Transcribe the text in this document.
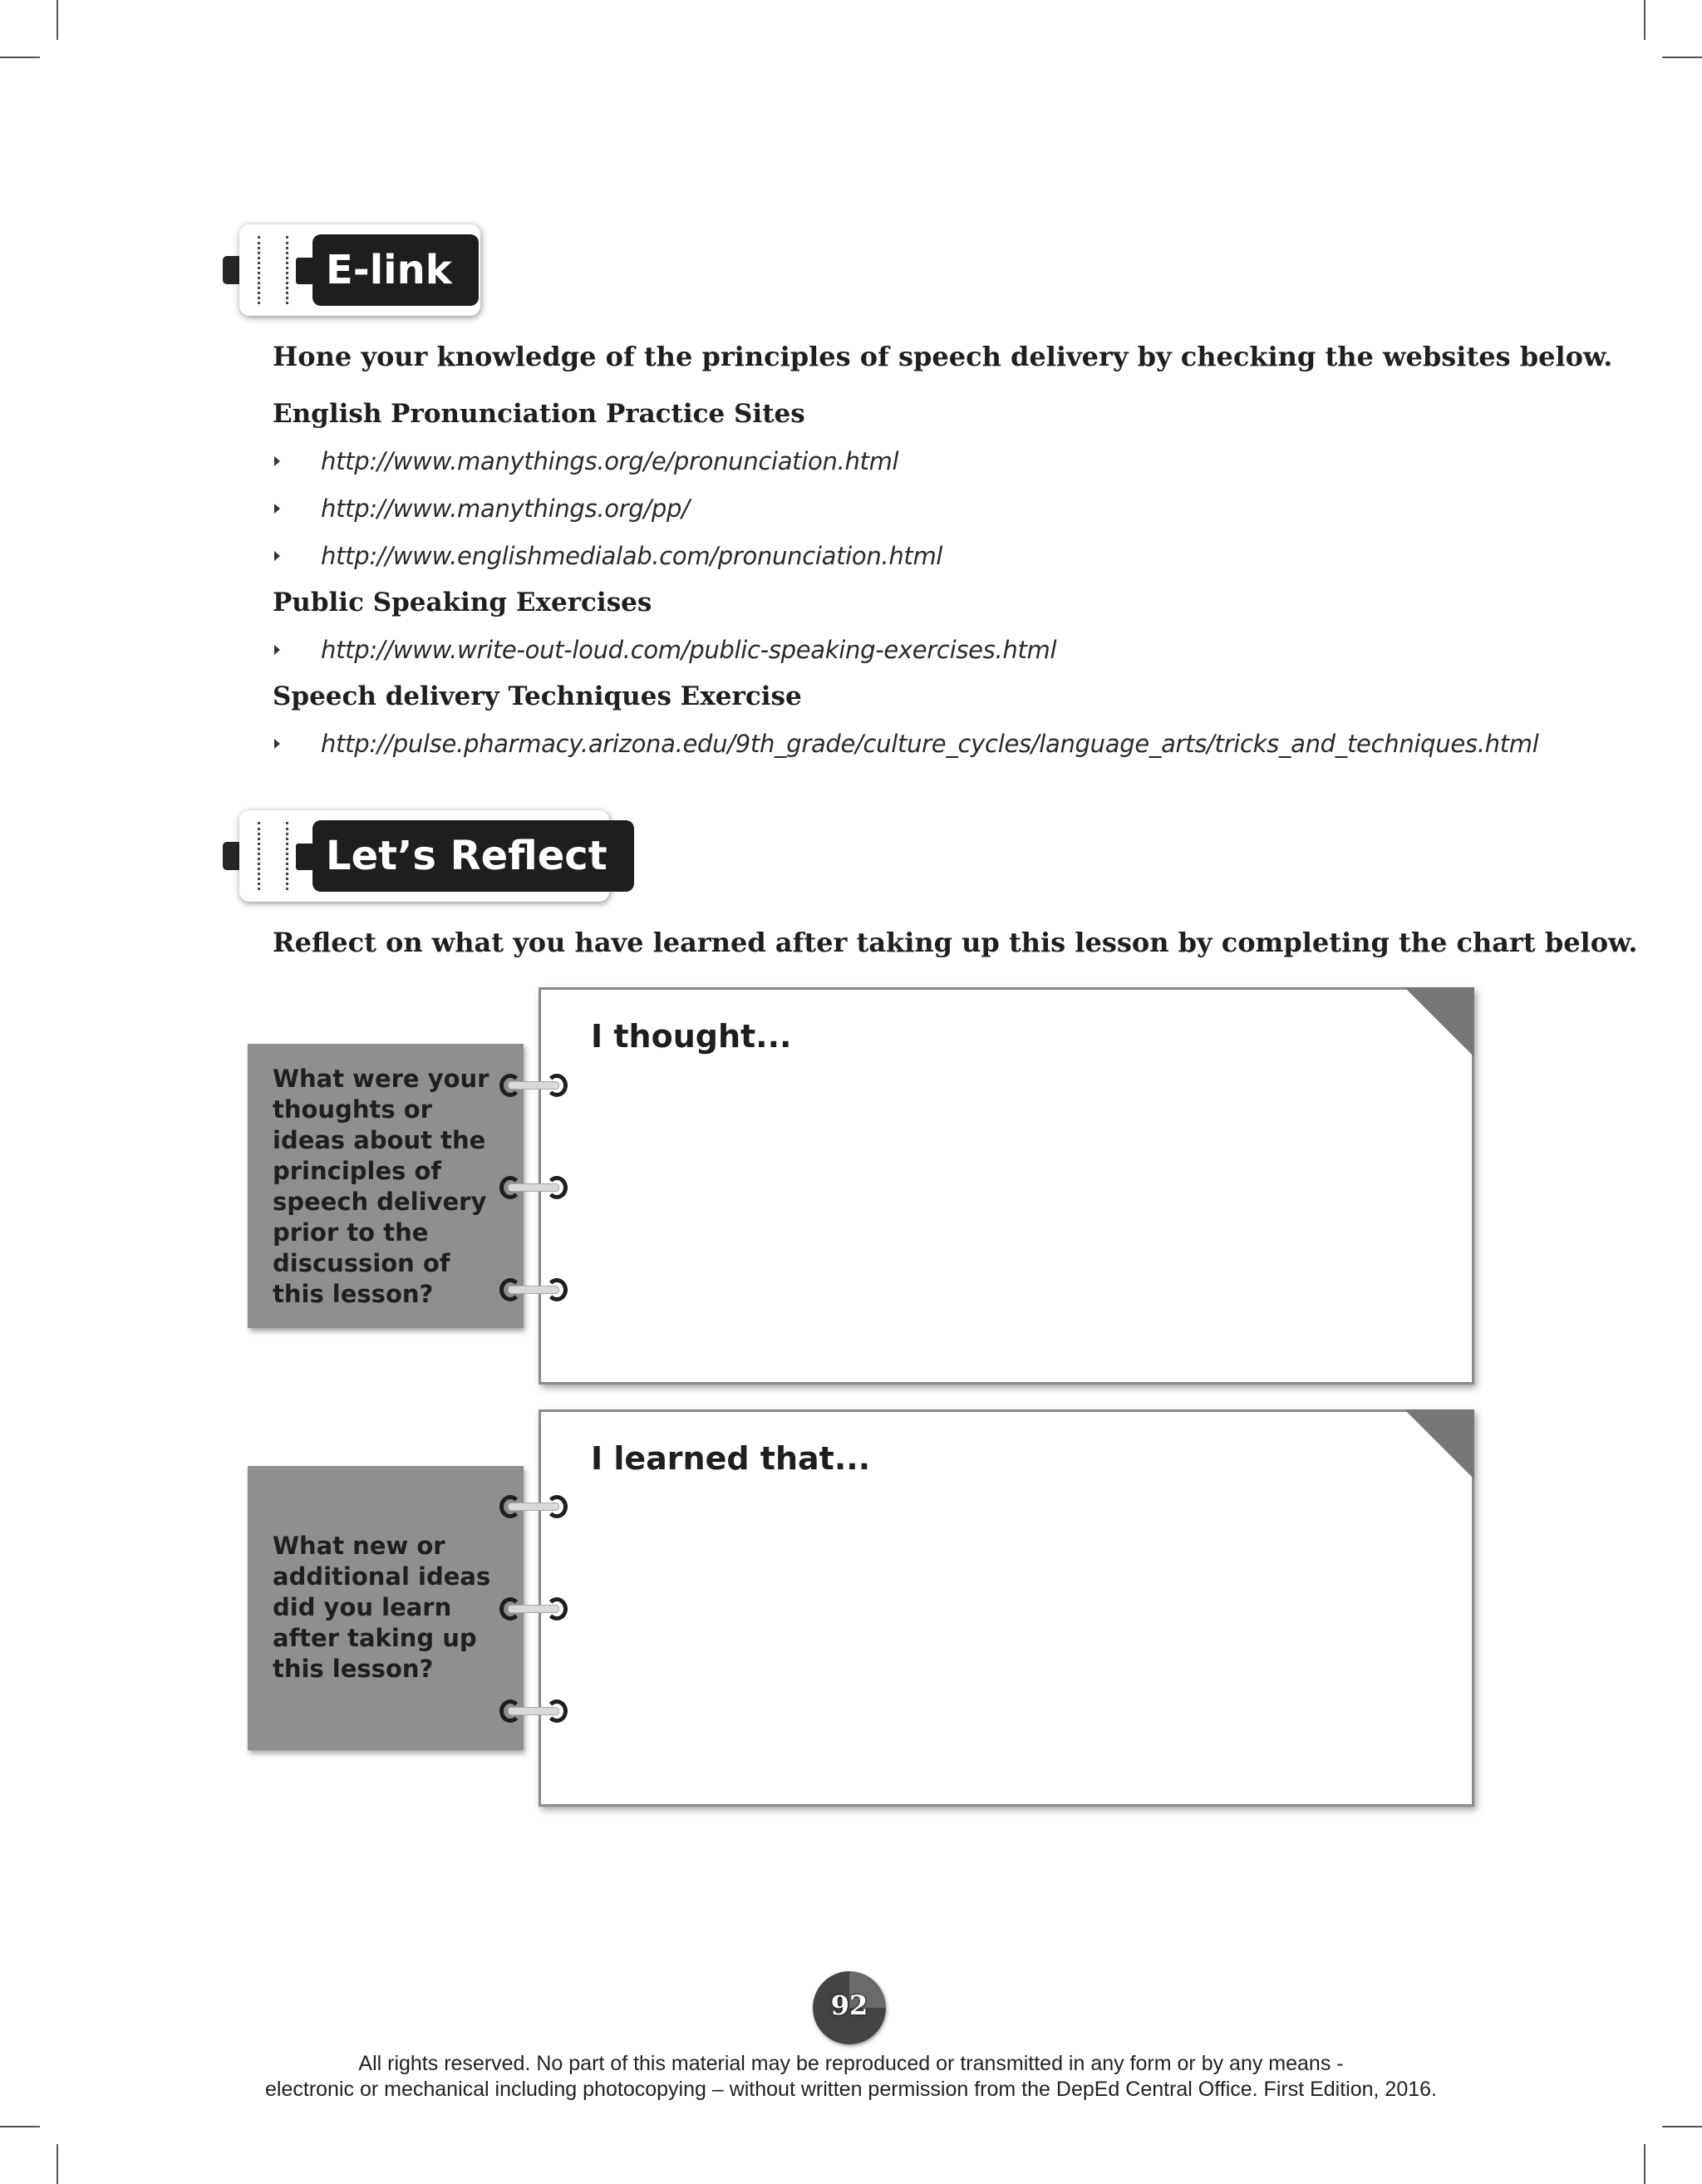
E-link
Hone your knowledge of the principles of speech delivery by checking the websites below.
English Pronunciation Practice Sites
http://www.manythings.org/e/pronunciation.html
http://www.manythings.org/pp/
http://www.englishmedialab.com/pronunciation.html
Public Speaking Exercises
http://www.write-out-loud.com/public-speaking-exercises.html
Speech delivery Techniques Exercise
http://pulse.pharmacy.arizona.edu/9th_grade/culture_cycles/language_arts/tricks_and_techniques.html
Let’s Reflect
Reflect on what you have learned after taking up this lesson by completing the chart below.
What were your
thoughts or
ideas about the
principles of
speech delivery
prior to the
discussion of
this lesson?
I thought...
What new or
additional ideas
did you learn
after taking up
this lesson?
I learned that...
92
All rights reserved. No part of this material may be reproduced or transmitted in any form or by any means -
electronic or mechanical including photocopying – without written permission from the DepEd Central Office. First Edition, 2016.
